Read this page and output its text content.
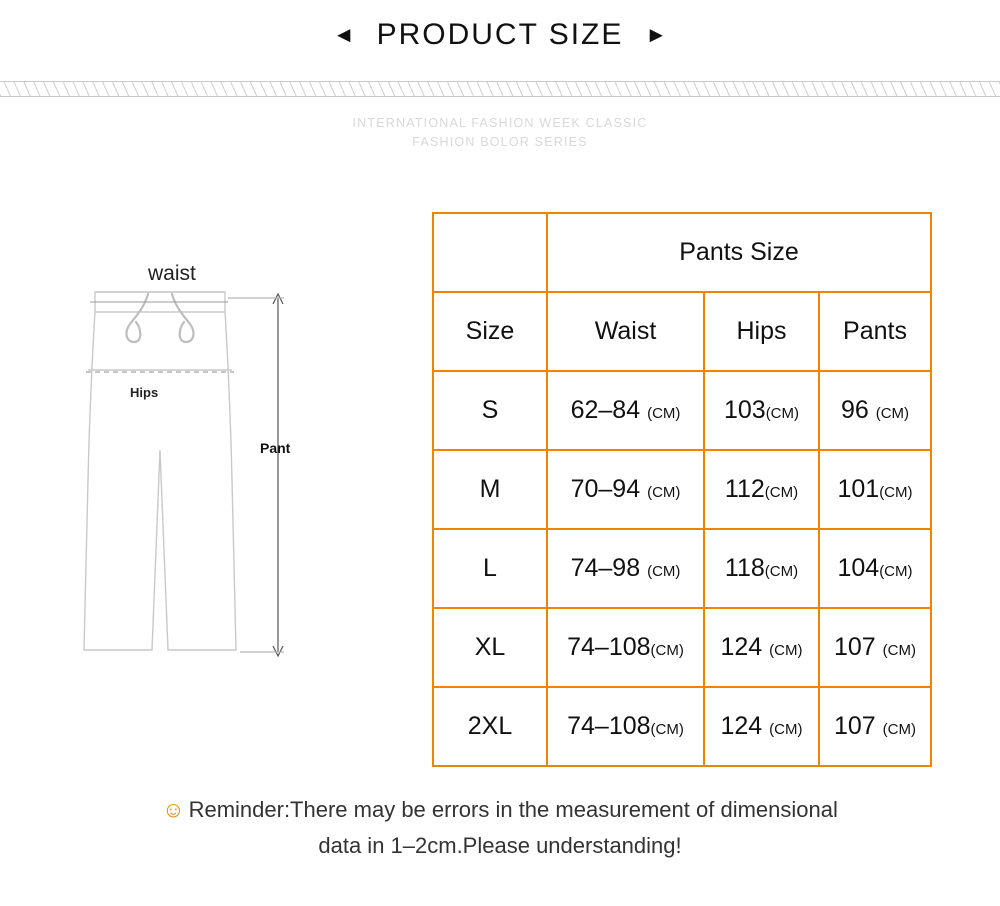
◄ PRODUCT SIZE ►
INTERNATIONAL FASHION WEEK CLASSIC
FASHION BOLOR SERIES
waist
Hips
Pant
	Pants Size		
Size	Waist	Hips	Pants
S	62–84 (CM)	103(CM)	96 (CM)
M	70–94 (CM)	112(CM)	101(CM)
L	74–98 (CM)	118(CM)	104(CM)
XL	74–108(CM)	124 (CM)	107 (CM)
2XL	74–108(CM)	124 (CM)	107 (CM)
☺ Reminder:There may be errors in the measurement of dimensional
data in 1–2cm.Please understanding!
